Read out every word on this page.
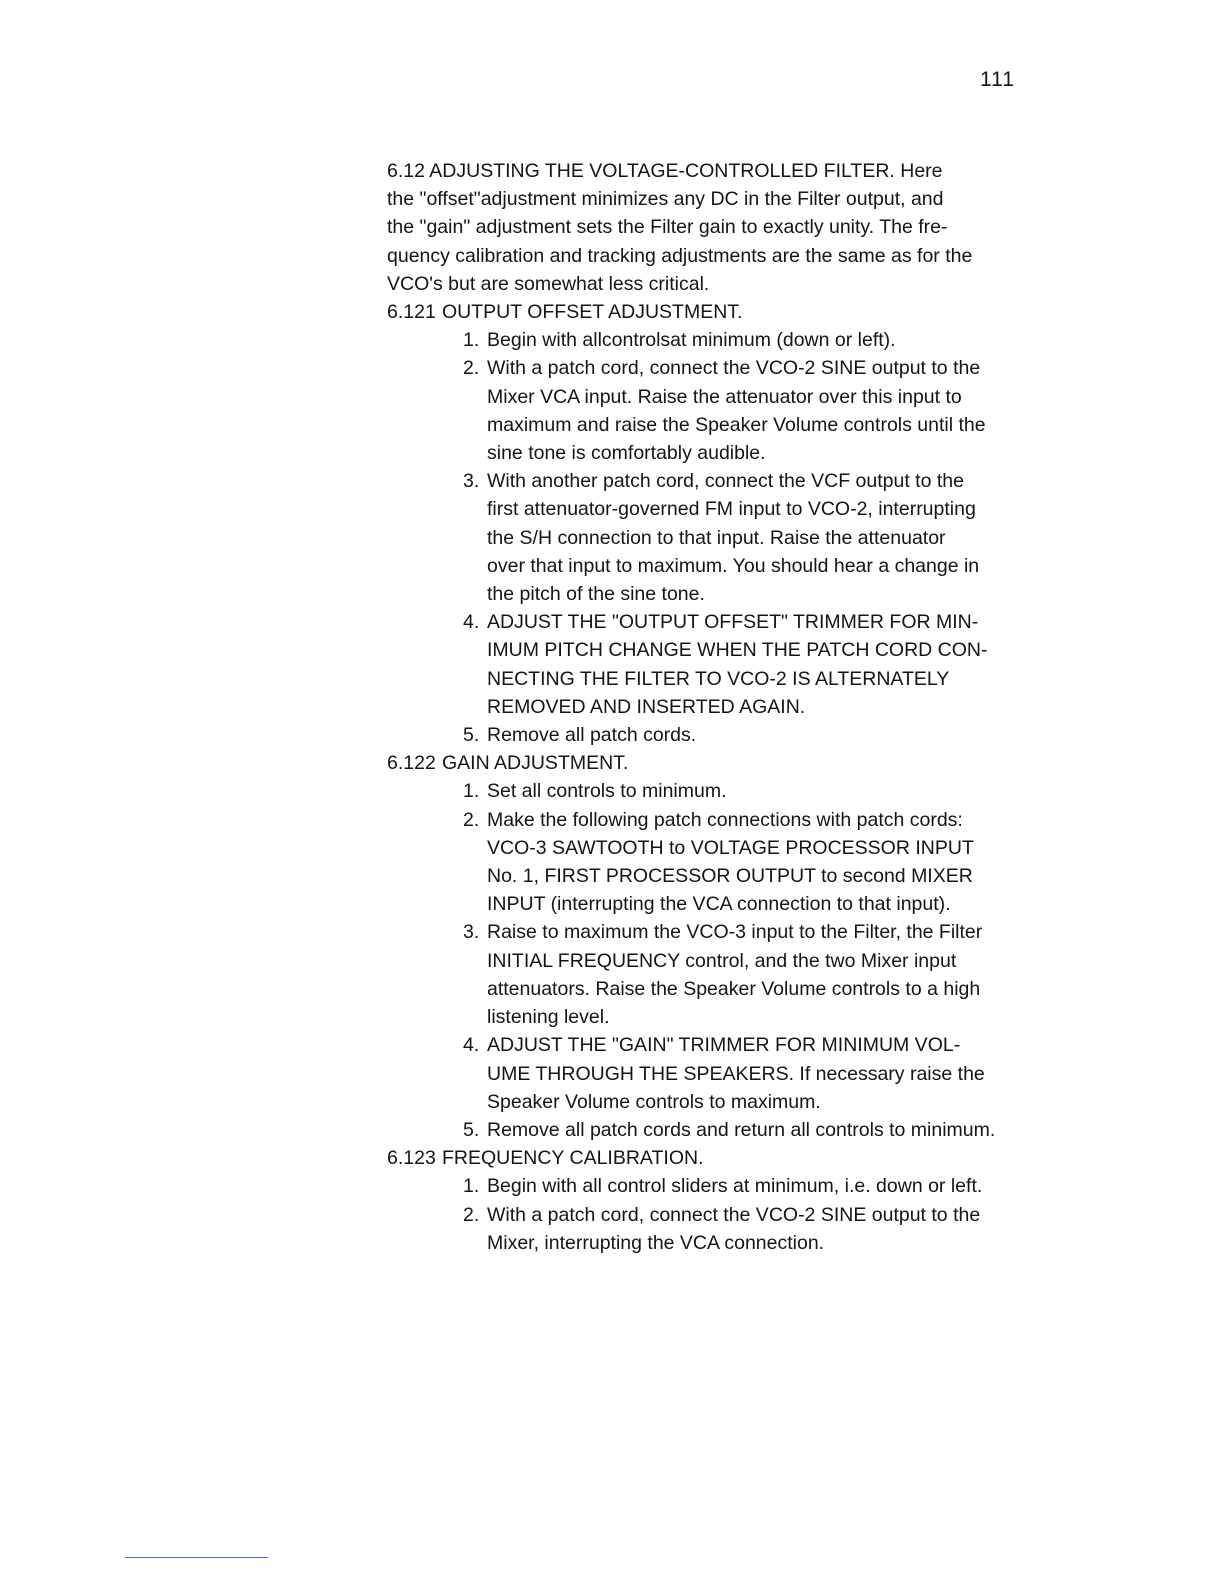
111

6.12 ADJUSTING THE VOLTAGE-CONTROLLED FILTER. Here
the "offset"adjustment minimizes any DC in the Filter output, and
the "gain" adjustment sets the Filter gain to exactly unity. The fre-
quency calibration and tracking adjustments are the same as for the
VCO's but are somewhat less critical.

6.121 OUTPUT OFFSET ADJUSTMENT.

1. Begin with allcontrolsat minimum (down or left).
2. With a patch cord, connect the VCO-2 SINE output to the
Mixer VCA input. Raise the attenuator over this input to
maximum and raise the Speaker Volume controls until the
sine tone is comfortably audible.
3. With another patch cord, connect the VCF output to the
first attenuator-governed FM input to VCO-2, interrupting
the S/H connection to that input. Raise the attenuator
over that input to maximum. You should hear a change in
the pitch of the sine tone.
4. ADJUST THE "OUTPUT OFFSET" TRIMMER FOR MIN-
IMUM PITCH CHANGE WHEN THE PATCH CORD CON-
NECTING THE FILTER TO VCO-2 IS ALTERNATELY
REMOVED AND INSERTED AGAIN.
5. Remove all patch cords.

6.122 GAIN ADJUSTMENT.

1. Set all controls to minimum.
2. Make the following patch connections with patch cords:
VCO-3 SAWTOOTH to VOLTAGE PROCESSOR INPUT
No. 1, FIRST PROCESSOR OUTPUT to second MIXER
INPUT (interrupting the VCA connection to that input).
3. Raise to maximum the VCO-3 input to the Filter, the Filter
INITIAL FREQUENCY control, and the two Mixer input
attenuators. Raise the Speaker Volume controls to a high
listening level.
4. ADJUST THE "GAIN" TRIMMER FOR MINIMUM VOL-
UME THROUGH THE SPEAKERS. If necessary raise the
Speaker Volume controls to maximum.
5. Remove all patch cords and return all controls to minimum.

6.123 FREQUENCY CALIBRATION.

1. Begin with all control sliders at minimum, i.e. down or left.
2. With a patch cord, connect the VCO-2 SINE output to the
Mixer, interrupting the VCA connection.
